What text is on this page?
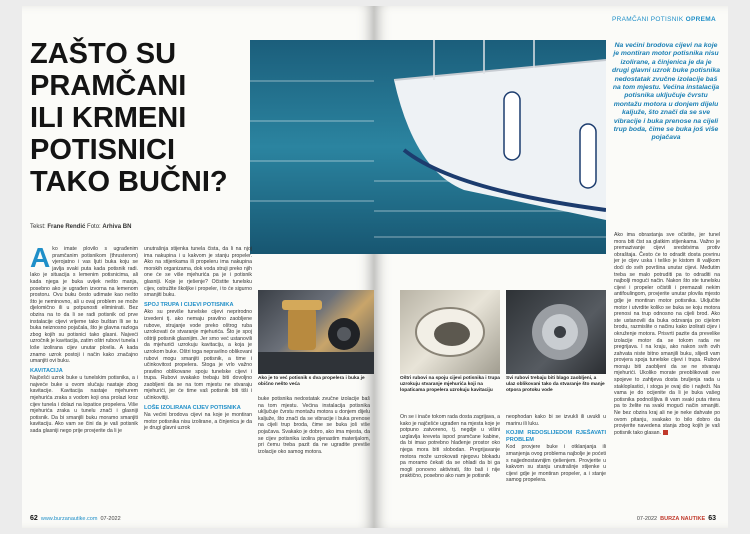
ZAŠTO SU
PRAMČANI
ILI KRMENI
POTISNICI
TAKO BUČNI?
Tekst: Frane Rendić Foto: Arhiva BN
A ko imate plovilo s ugrađenim pramčanim potisnikom (thrusterom) vjerojatno i vas ljuti buka koju se javlja svaki puta kada potisnik radi. Iako je situacija s lemenim potisnicima, ali kada njega je buka uvijek nešto manja, posebno ako je ugrađen izvorna na lemenom prostoru. Ovu buku često udimate kao nešto što je neminovno, ali u ovaj problem se može djelomično ili u potpunosti eliminirati. Bez obzira na to da li se radi potisnik od prve instalacije cijevi vrijeme tako buštan lli se tu buka neiznosno pojačala, što je glavna razloga zbog kojih su potisnici tako glasni. Najveći uzročnik je kavitacija, zatim oštri rubovi tunela i loše izolirana cijev unutar plovila. A kada znamo uzrok postoji i način kako značajno umanjiti ovi buku.

KAVITACIJA

Najčešći uzrok buke u tunelskim potisnika, a i najveće buke u ovom slučaju nastaje zbog kavitacije. Kavitacija nastaje mjehurem mjehurića zraka s vodom koji ona prolazi kroz cijev tunela i dolazi na lopatice propelera. Više mjehurića zraka u tunelu znači i glasniji potisnik. Da bi smanjili buku moramo smanjiti kavitaciju. Ako vam se čini da je vaš potisnik sada glasniji nego prije provjerite da li je

unutrašnja stijenka tunela čista, da li na njoj ima nakupina i u kakvom je stanju propeler. Ako na stijenkama ili propeleru ima nakupina morskih organizama, dok voda struji preko njih one će se više mjehurića pa je i potisnik glasniji. Koje je rješenje? Očistite tunelsku cijev, ostružite školjke i propeler, i to će sigurno smanjiti buku.

SPOJ TRUPA I CIJEVI POTISNIKA

Ako su previše tunelske cijevi neprirodno izvedeni tj. ako nemaju pravilno zaobljene rubove, strujanje vode preko oštrog ruba uzrokovati će stvaranje mjehurića. Što je spoj oštriji potisnik glasnijim. Jer smo već ustanovili da mjehurići uzrokuju kavitaciju, a koja je uzrokom buke. Oštri toga nepravilno oblikovani rubovi mogu smanjiti potisnik, a time i učinkovitost propelera. Stoga je vrlo važno pravilno oblikovane spoju tunelske cijevi i trupa. Rubovi svakako trebaju biti dovoljno zaobljeni da se na tom mjestu ne stvaraju mjehurići, jer će time vaš potisnik biti tiši i učinkovitiji.

LOŠE IZOLIRANA CIJEV POTISNIKA

Na većini brodova cijevi na koje je montiran motor potisnika nisu izolirane, a činjenica je da je drugi glavni uzrok

Ako je to već potisnik s dva propelera i buka je obično nešto veća

buke potisnika nedostatak zvučne izolacije baš na tom mjestu. Većina instalacija potisnika uključuje čvrstu montažu motora u donjem dijelu kaljuže, što znači da se vibracije i buka prenose na cijeli trup broda, čime se buka još više pojačava. Svakako je dobro, ako ima mjesta, da se cijev potisnika izolira pjenastim materijalom, pri čemu treba pazit da ne ugradite previše izolacije oko samog motora.

62 www.burzanautike.com 07-2022
PRAMČANI POTISNIK OPREMA

Na većini brodova cijevi na koje je montiran motor potisnika nisu izolirane, a činjenica je da je drugi glavni uzrok buke potisnika nedostatak zvučne izolacije baš na tom mjestu. Većina instalacija potisnika uključuje čvrstu montažu motora u donjem dijelu kaljuže, što znači da se sve vibracije i buka prenose na cijeli trup boda, čime se buka još više pojačava

Oštri rubovi na spoju cijevi potisnika i trupa uzrokuju stvaranje mjehurića koji na lopaticama propelera uzrokuju kavitaciju
Svi rubovi trebaju biti blago zaobljeni, a ulaz oblikovani tako da stvaranje što manje otpora protoku vode

On se i inače tokom rada dosta zagrijava, a kako je najčešće ugrađen na mjesta koje je potpuno zatvoreno, tj. negdje u višini uzglavlja kreveta ispod pramčane kabine, da bi imao potrebno hlađenje prostor oko njega mora biti slobodan. Pregrijavanje motora može uzrokovati njegovu blokadu pa moramo čekati da se ohladi da bi ga mogli ponovno aktivirati, što baš i nije praktično, posebno ako nam je potisnik

neophodan kako bi se izvukli ili uvukli u marinu ili luku.

KOJIM REDOSLIJEDOM RJEŠAVATI PROBLEM

Kod provjere buke i otklanjanja ili smanjenja ovog problema najbolje je poćeti s najjednostavnijim rješenjem. Provjerite u kakvom su stanju unutrašnje stijenke u cijevi gdje je montiran propeler, a i stanje samog propelera.

Ako ima obrastanja sve očistite, jer tunel mora biti čist sa glatkim stijenkama. Važno je premazivanje cijevi sredstvima protiv obraštaja. Često će to odradit dosta povrinu jer je cijev uska i teško je kistom ili valjkom doći do svih površina unutar cijevi. Međutim treba se malo potruditi pa to odraditi na najbolji mogući način. Nakon što ste tunelsku cijevi i propeler očistili i premazali nekim antifoulingom, provjerite unutar plovila mjesto gdje je montiran motor potisnika. Uključite motor i utvrdite koliko se buka se koju motora prenosi na trup odnosno na cijeli brod. Ako ste ustanovili da buka odzvanja po cijelom brodu, razmislite o načinu kako izolirati cijev i okruženje motora. Prisvrti pazite da prevelike izolacije motor da se tokom rada ne pregrijava. I na kraju, ako nakon svih ovih zahvata niste bitno smanjili buku, slijedi vam provjera spoja tunelske cijevi i trupa. Rubovi moraju biti zaobljeni da se ne stvaraju mjehurići. Ukoliko morate preoblikovati ove spojeve to zahtjeva dosta bruljenja rada u stakloplastici, i stoga je ovaj dio i najteži. Na vama je do ocijenite da li je buka vašeg potisnika podnošljiva ili vam svaki puta ritera pa to želite na svaki mogući način smanjiti. Ne bez obzira kraj ali ne je neke dahvate po ovom pitanju, svakako to bilo dobro da provjerite navedena stanja zbog kojih je vaš potisnik tako glasan.

07-2022 BURZA NAUTIKE 63
